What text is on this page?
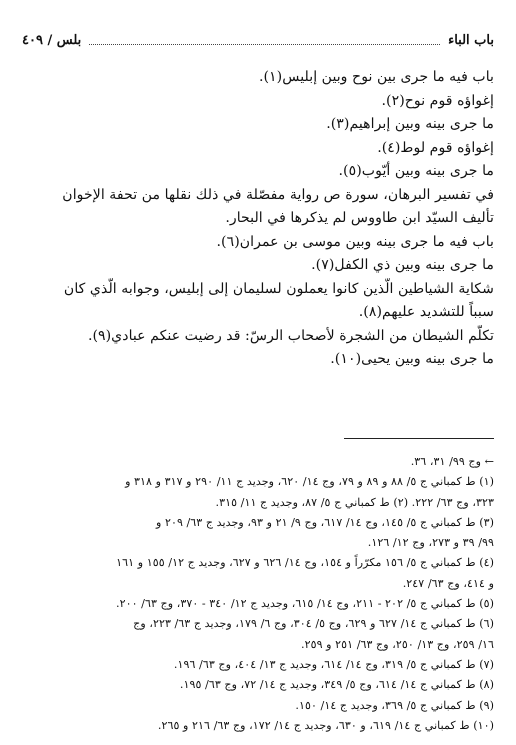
باب الباء
بلس / ٤٠٩
باب فيه ما جرى بين نوح وبين إبليس(١).
إغواؤه قوم نوح(٢).
ما جرى بينه وبين إبراهيم(٣).
إغواؤه قوم لوط(٤).
ما جرى بينه وبين أيّوب(٥).
في تفسير البرهان، سورة ص رواية مفصّلة في ذلك نقلها من تحفة الإخوان
تأليف السيّد ابن طاووس لم يذكرها في البحار.
باب فيه ما جرى بينه وبين موسى بن عمران(٦).
ما جرى بينه وبين ذي الكفل(٧).
شكاية الشياطين الّذين كانوا يعملون لسليمان إلى إبليس، وجوابه الّذي كان
سبباً للتشديد عليهم(٨).
تكلّم الشيطان من الشجرة لأصحاب الرسّ: قد رضيت عنكم عبادي(٩).
ما جرى بينه وبين يحيى(١٠).
← وج ٩٩/ ٣١، ٣٦.
(١) ط كمباني ج ٥/ ٨٨ و ٨٩ و ٧٩، وج ١٤/ ٦٢٠، وجديد ج ١١/ ٢٩٠ و ٣١٧ و ٣١٨ و
٣٢٣، وج ٦٣/ ٢٢٢. (٢) ط كمباني ج ٥/ ٨٧، وجديد ج ١١/ ٣١٥.
(٣) ط كمباني ج ٥/ ١٤٥، وج ١٤/ ٦١٧، وج ٩/ ٢١ و ٩٣، وجديد ج ٦٣/ ٢٠٩ و
٩٩/ ٣٩ و ٢٧٣، وج ١٢/ ١٢٦.
(٤) ط كمباني ج ٥/ ١٥٦ مكرّراً و ١٥٤، وج ١٤/ ٦٢٦ و ٦٢٧، وجديد ج ١٢/ ١٥٥ و ١٦١
و ٤١٤، وج ٦٣/ ٢٤٧.
(٥) ط كمباني ج ٥/ ٢٠٢ - ٢١١، وج ١٤/ ٦١٥، وجديد ج ١٢/ ٣٤٠ - ٣٧٠، وج ٦٣/ ٢٠٠.
(٦) ط كمباني ج ١٤/ ٦٢٧ و ٦٢٩، وج ٥/ ٣٠٤، وج ٦/ ١٧٩، وجديد ج ٦٣/ ٢٢٣، وج
١٦/ ٢٥٩، وج ١٣/ ٢٥٠، وج ٦٣/ ٢٥١ و ٢٥٩.
(٧) ط كمباني ج ٥/ ٣١٩، وج ١٤/ ٦١٤، وجديد ج ١٣/ ٤٠٤، وج ٦٣/ ١٩٦.
(٨) ط كمباني ج ١٤/ ٦١٤، وج ٥/ ٣٤٩، وجديد ج ١٤/ ٧٢، وج ٦٣/ ١٩٥.
(٩) ط كمباني ج ٥/ ٣٦٩، وجديد ج ١٤/ ١٥٠.
(١٠) ط كمباني ج ١٤/ ٦١٩، و ٦٣٠، وجديد ج ١٤/ ١٧٢، وج ٦٣/ ٢١٦ و ٢٦٥.
